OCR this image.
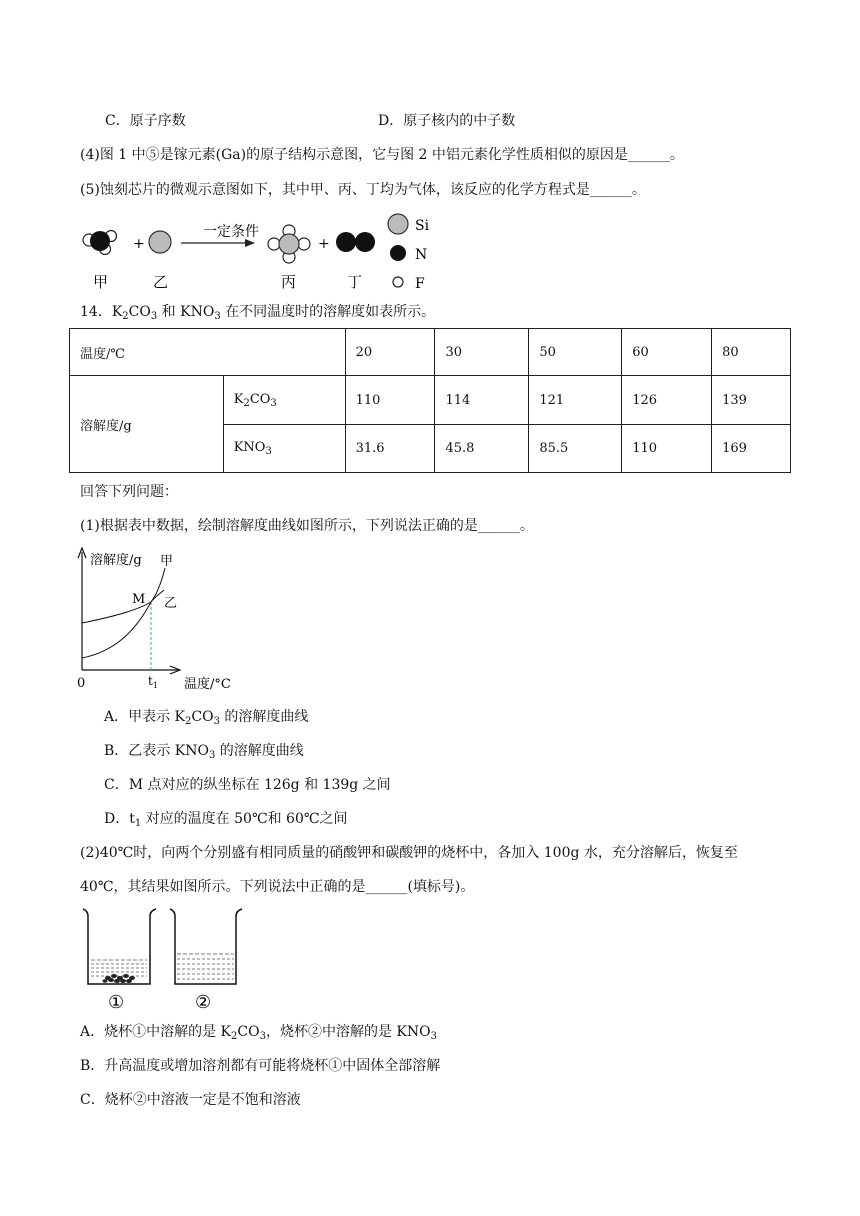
C．原子序数	D．原子核内的中子数
(4)图 1 中⑤是镓元素(Ga)的原子结构示意图，它与图 2 中铝元素化学性质相似的原因是______。
(5)蚀刻芯片的微观示意图如下，其中甲、丙、丁均为气体，该反应的化学方程式是______。
+
一定条件
+
Si
N
F
甲	乙	丙	丁
14．$K_2CO_3$ 和 $KNO_3$ 在不同温度时的溶解度如表所示。
温度/℃		20	30	50	60	80
溶解度/g	$K_2CO_3$	110	114	121	126	139
	$KNO_3$	31.6	45.8	85.5	110	169
回答下列问题：
(1)根据表中数据，绘制溶解度曲线如图所示，下列说法正确的是______。
溶解度/g
温度/°C
0	$t_1$
M
甲
乙
A．甲表示 $K_2CO_3$ 的溶解度曲线
B．乙表示 $KNO_3$ 的溶解度曲线
C．M 点对应的纵坐标在 126g 和 139g 之间
D．$t_1$ 对应的温度在 50℃和 60℃之间
(2)40℃时，向两个分别盛有相同质量的硝酸钾和碳酸钾的烧杯中，各加入 100g 水，充分溶解后，恢复至
40℃，其结果如图所示。下列说法中正确的是______(填标号)。
①	②
A．烧杯①中溶解的是 $K_2CO_3$，烧杯②中溶解的是 $KNO_3$
B．升高温度或增加溶剂都有可能将烧杯①中固体全部溶解
C．烧杯②中溶液一定是不饱和溶液
